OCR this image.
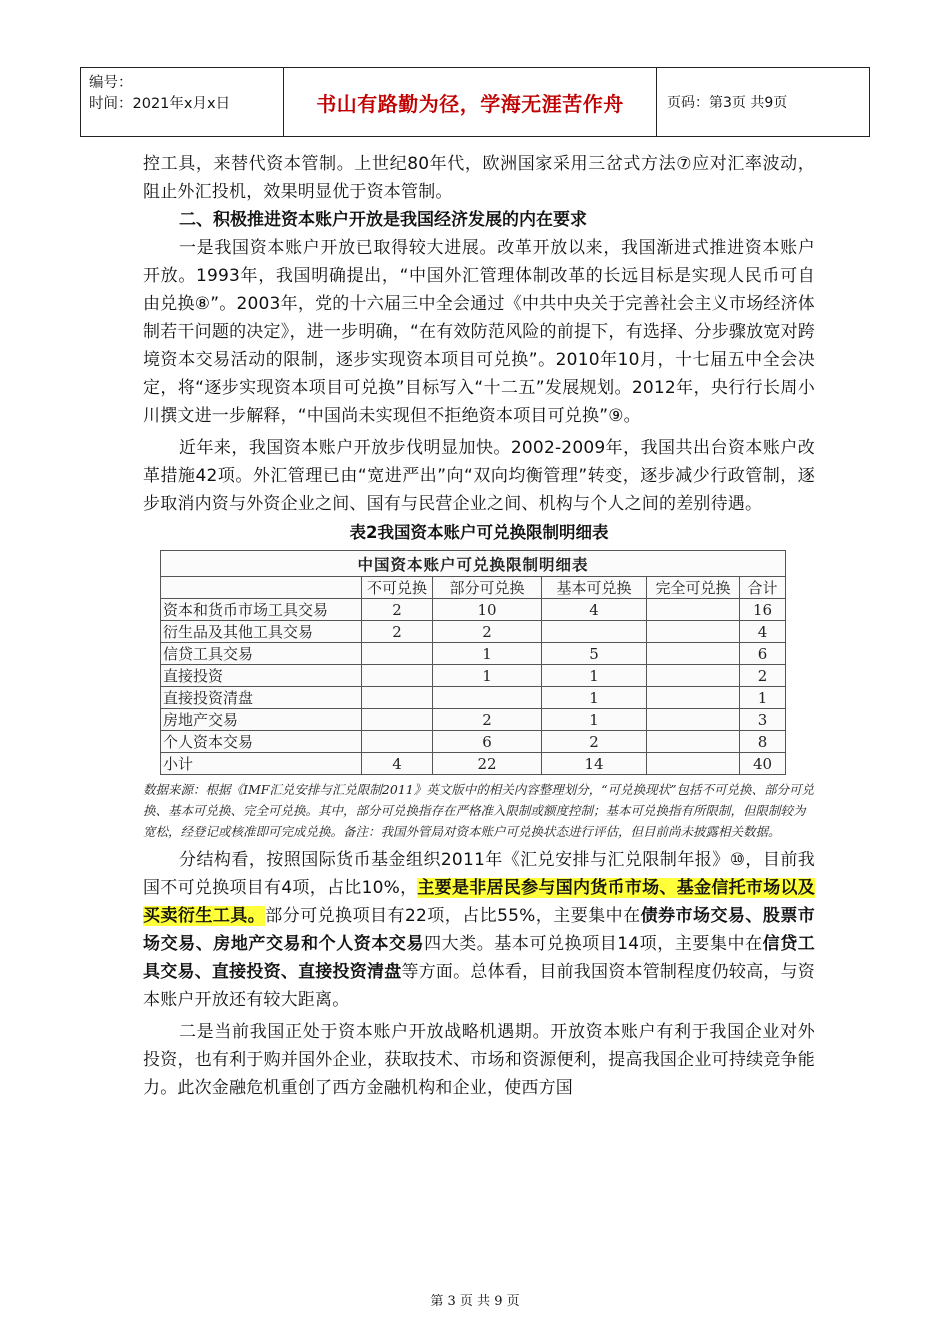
编号：
时间：2021年x月x日	书山有路勤为径，学海无涯苦作舟	页码：第3页 共9页

控工具，来替代资本管制。上世纪80年代，欧洲国家采用三岔式方法⑦应对汇率波动，阻止外汇投机，效果明显优于资本管制。

二、积极推进资本账户开放是我国经济发展的内在要求

一是我国资本账户开放已取得较大进展。改革开放以来，我国渐进式推进资本账户开放。1993年，我国明确提出，“中国外汇管理体制改革的长远目标是实现人民币可自由兑换⑧”。2003年，党的十六届三中全会通过《中共中央关于完善社会主义市场经济体制若干问题的决定》，进一步明确，“在有效防范风险的前提下，有选择、分步骤放宽对跨境资本交易活动的限制，逐步实现资本项目可兑换”。2010年10月，十七届五中全会决定，将“逐步实现资本项目可兑换”目标写入“十二五”发展规划。2012年，央行行长周小川撰文进一步解释，“中国尚未实现但不拒绝资本项目可兑换”⑨。

近年来，我国资本账户开放步伐明显加快。2002-2009年，我国共出台资本账户改革措施42项。外汇管理已由“宽进严出”向“双向均衡管理”转变，逐步减少行政管制，逐步取消内资与外资企业之间、国有与民营企业之间、机构与个人之间的差别待遇。

表2我国资本账户可兑换限制明细表
中国资本账户可兑换限制明细表					
	不可兑换	部分可兑换	基本可兑换	完全可兑换	合计
资本和货币市场工具交易	2	10	4		16
衍生品及其他工具交易	2	2			4
信贷工具交易		1	5		6
直接投资		1	1		2
直接投资清盘			1		1
房地产交易		2	1		3
个人资本交易		6	2		8
小计	4	22	14		40

数据来源：根据《IMF汇兑安排与汇兑限制2011》英文版中的相关内容整理划分，“可兑换现状”包括不可兑换、部分可兑换、基本可兑换、完全可兑换。其中，部分可兑换指存在严格准入限制或额度控制；基本可兑换指有所限制，但限制较为宽松，经登记或核准即可完成兑换。备注：我国外管局对资本账户可兑换状态进行评估，但目前尚未披露相关数据。

分结构看，按照国际货币基金组织2011年《汇兑安排与汇兑限制年报》⑩，目前我国不可兑换项目有4项，占比10%，主要是非居民参与国内货币市场、基金信托市场以及买卖衍生工具。部分可兑换项目有22项，占比55%，主要集中在债券市场交易、股票市场交易、房地产交易和个人资本交易四大类。基本可兑换项目14项，主要集中在信贷工具交易、直接投资、直接投资清盘等方面。总体看，目前我国资本管制程度仍较高，与资本账户开放还有较大距离。

二是当前我国正处于资本账户开放战略机遇期。开放资本账户有利于我国企业对外投资，也有利于购并国外企业，获取技术、市场和资源便利，提高我国企业可持续竞争能力。此次金融危机重创了西方金融机构和企业，使西方国

第 3 页 共 9 页
